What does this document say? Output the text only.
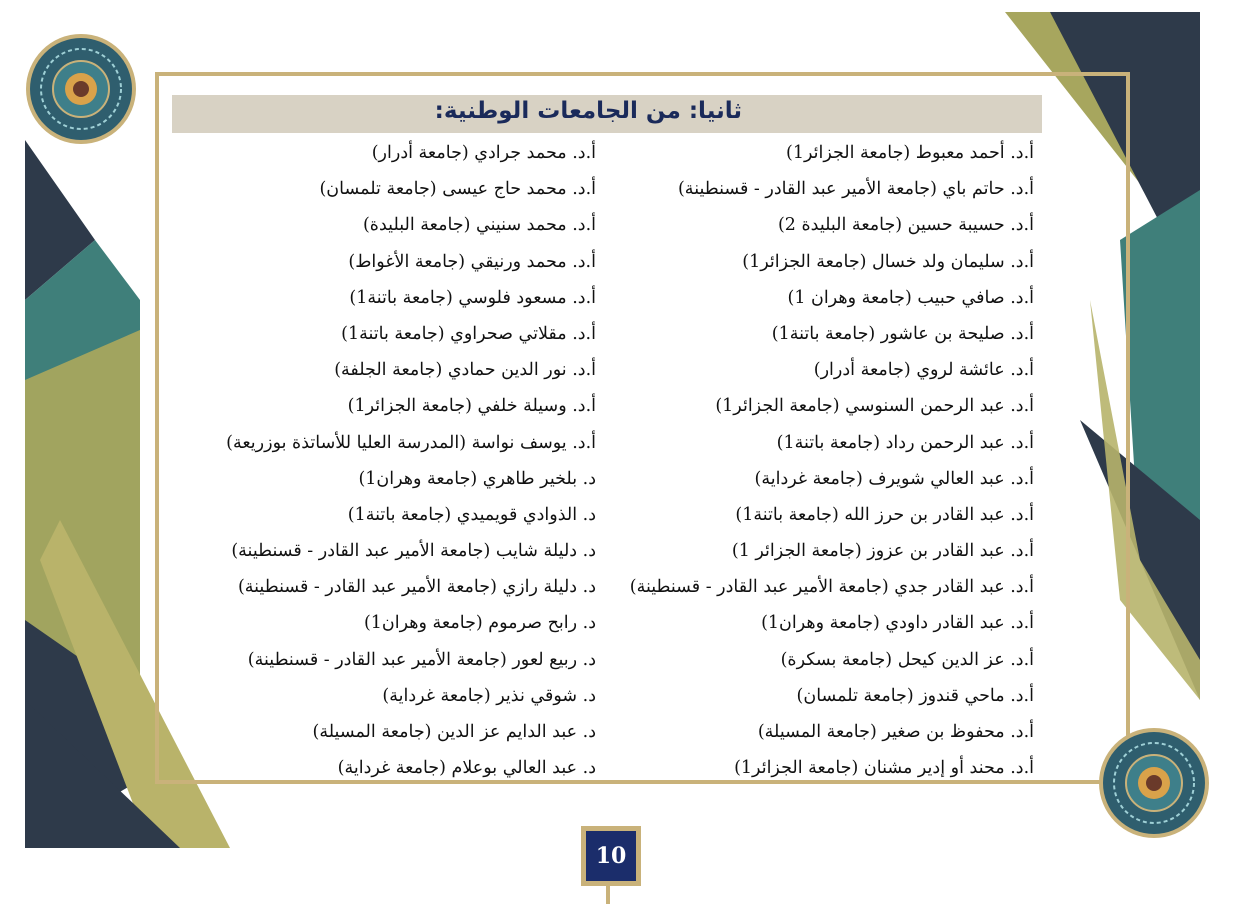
ثانيا: من الجامعات الوطنية:
أ.د. أحمد معبوط (جامعة الجزائر1)
أ.د. حاتم باي (جامعة الأمير عبد القادر - قسنطينة)
أ.د. حسيبة حسين (جامعة البليدة 2)
أ.د. سليمان ولد خسال (جامعة الجزائر1)
أ.د. صافي حبيب (جامعة وهران 1)
أ.د. صليحة بن عاشور (جامعة باتنة1)
أ.د. عائشة لروي (جامعة أدرار)
أ.د. عبد الرحمن السنوسي (جامعة الجزائر1)
أ.د. عبد الرحمن رداد (جامعة باتنة1)
أ.د. عبد العالي شويرف (جامعة غرداية)
أ.د. عبد القادر بن حرز الله (جامعة باتنة1)
أ.د. عبد القادر بن عزوز (جامعة الجزائر 1)
أ.د. عبد القادر جدي (جامعة الأمير عبد القادر - قسنطينة)
أ.د. عبد القادر داودي (جامعة وهران1)
أ.د. عز الدين كيحل (جامعة بسكرة)
أ.د. ماحي قندوز (جامعة تلمسان)
أ.د. محفوظ بن صغير (جامعة المسيلة)
أ.د. محند أو إدير مشنان (جامعة الجزائر1)
أ.د. محمد جرادي (جامعة أدرار)
أ.د. محمد حاج عيسى (جامعة تلمسان)
أ.د. محمد سنيني (جامعة البليدة)
أ.د. محمد ورنيقي (جامعة الأغواط)
أ.د. مسعود فلوسي (جامعة باتنة1)
أ.د. مقلاتي صحراوي (جامعة باتنة1)
أ.د. نور الدين حمادي (جامعة الجلفة)
أ.د. وسيلة خلفي (جامعة الجزائر1)
أ.د. يوسف نواسة (المدرسة العليا للأساتذة بوزريعة)
د. بلخير طاهري (جامعة وهران1)
د. الذوادي قويميدي (جامعة باتنة1)
د. دليلة شايب (جامعة الأمير عبد القادر - قسنطينة)
د. دليلة رازي (جامعة الأمير عبد القادر - قسنطينة)
د. رابح صرموم (جامعة وهران1)
د. ربيع لعور (جامعة الأمير عبد القادر - قسنطينة)
د. شوقي نذير (جامعة غرداية)
د. عبد الدايم عز الدين (جامعة المسيلة)
د. عبد العالي بوعلام (جامعة غرداية)
10
